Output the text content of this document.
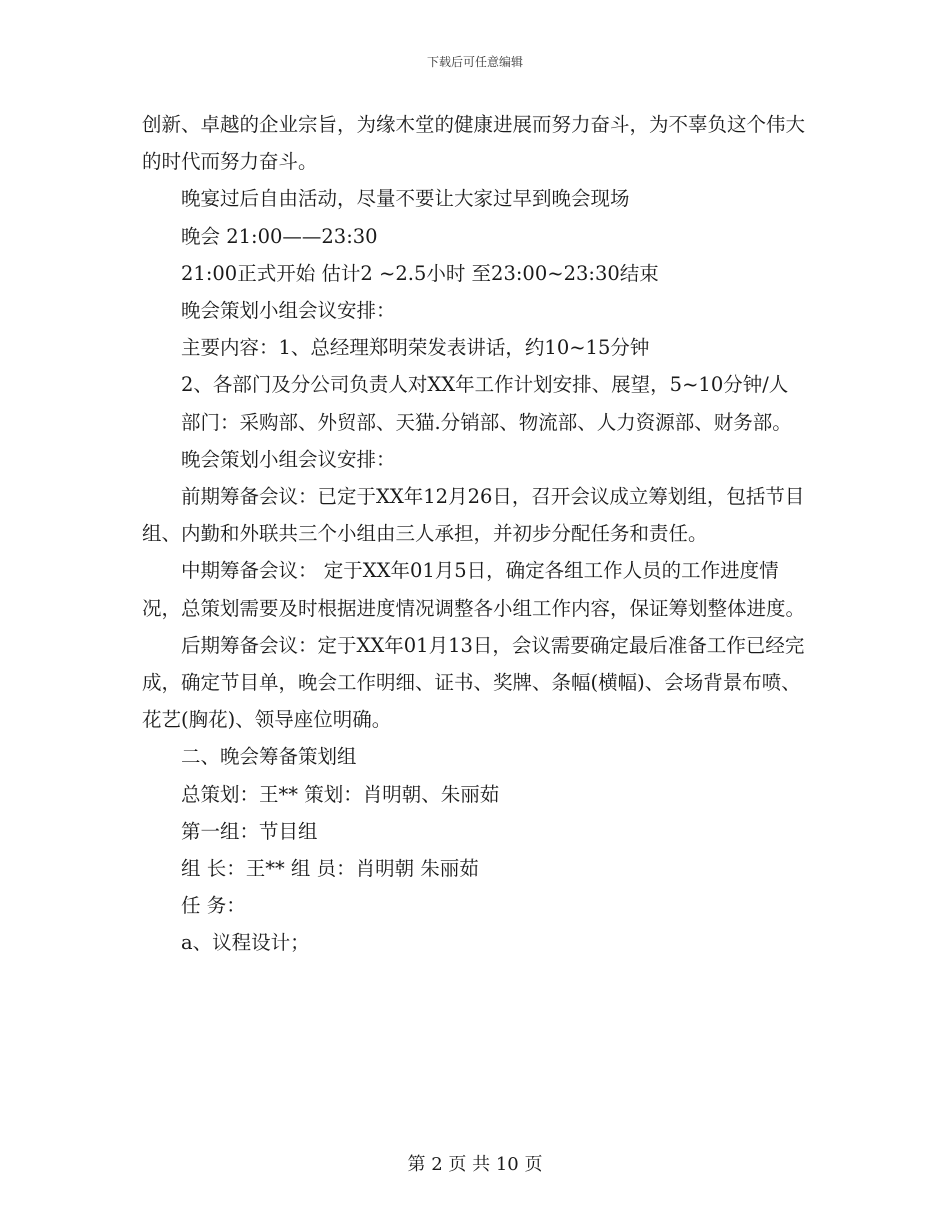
下载后可任意编辑

创新、卓越的企业宗旨，为缘木堂的健康进展而努力奋斗，为不辜负这个伟大的时代而努力奋斗。

晚宴过后自由活动，尽量不要让大家过早到晚会现场

晚会 21:00——23:30

21:00正式开始 估计2 ~2.5小时 至23:00~23:30结束

晚会策划小组会议安排：

主要内容：1、总经理郑明荣发表讲话，约10~15分钟

2、各部门及分公司负责人对XX年工作计划安排、展望，5~10分钟/人

部门：采购部、外贸部、天猫.分销部、物流部、人力资源部、财务部。

晚会策划小组会议安排：

前期筹备会议：已定于XX年12月26日，召开会议成立筹划组，包括节目组、内勤和外联共三个小组由三人承担，并初步分配任务和责任。

中期筹备会议： 定于XX年01月5日，确定各组工作人员的工作进度情况，总策划需要及时根据进度情况调整各小组工作内容，保证筹划整体进度。

后期筹备会议：定于XX年01月13日，会议需要确定最后准备工作已经完成，确定节目单，晚会工作明细、证书、奖牌、条幅(横幅)、会场背景布喷、花艺(胸花)、领导座位明确。

二、晚会筹备策划组

总策划：王** 策划：肖明朝、朱丽茹

第一组：节目组

组 长：王** 组 员：肖明朝 朱丽茹

任 务：

a、议程设计；

第 2 页 共 10 页
